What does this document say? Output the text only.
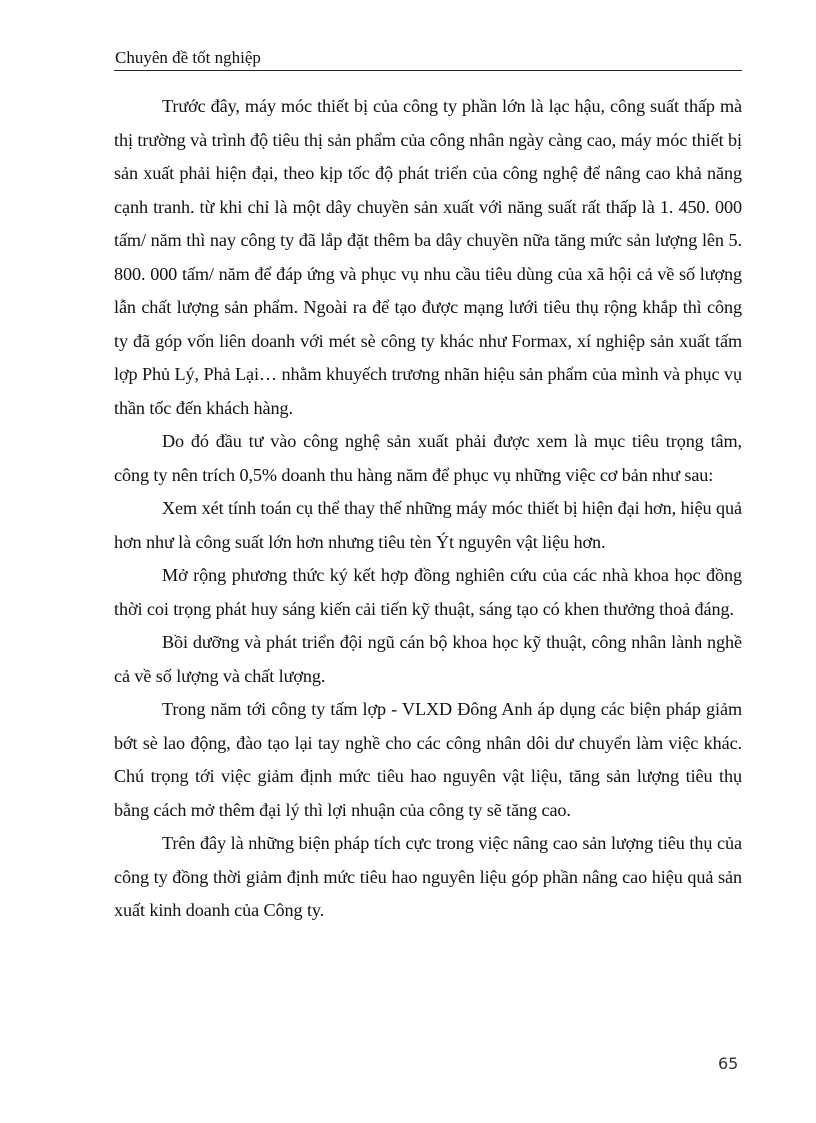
Chuyên đề tốt nghiệp

Trước đây, máy móc thiết bị của công ty phần lớn là lạc hậu, công suất thấp mà thị trường và trình độ tiêu thị sản phẩm của công nhân ngày càng cao, máy móc thiết bị sản xuất phải hiện đại, theo kịp tốc độ phát triển của công nghệ để nâng cao khả năng cạnh tranh. từ khi chỉ là một dây chuyền sản xuất với năng suất rất thấp là 1. 450. 000 tấm/ năm thì nay công ty đã lắp đặt thêm ba dây chuyền nữa tăng mức sản lượng lên 5. 800. 000 tấm/ năm để đáp ứng và phục vụ nhu cầu tiêu dùng của xã hội cả về số lượng lẫn chất lượng sản phẩm. Ngoài ra để tạo được mạng lưới tiêu thụ rộng khắp thì công ty đã góp vốn liên doanh với mét sè công ty khác như Formax, xí nghiệp sản xuất tấm lợp Phủ Lý, Phả Lại… nhằm khuyếch trương nhãn hiệu sản phẩm của mình và phục vụ thần tốc đến khách hàng.

Do đó đầu tư vào công nghệ sản xuất phải được xem là mục tiêu trọng tâm, công ty nên trích 0,5% doanh thu hàng năm để phục vụ những việc cơ bản như sau:

Xem xét tính toán cụ thể thay thế những máy móc thiết bị hiện đại hơn, hiệu quả hơn như là công suất lớn hơn nhưng tiêu tèn Ýt nguyên vật liệu hơn.

Mở rộng phương thức ký kết hợp đồng nghiên cứu của các nhà khoa học đồng thời coi trọng phát huy sáng kiến cải tiến kỹ thuật, sáng tạo có khen thưởng thoả đáng.

Bồi dưỡng và phát triển đội ngũ cán bộ khoa học kỹ thuật, công nhân lành nghề cả về số lượng và chất lượng.

Trong năm tới công ty tấm lợp - VLXD Đông Anh áp dụng các biện pháp giảm bớt sè lao động, đào tạo lại tay nghề cho các công nhân dôi dư chuyển làm việc khác. Chú trọng tới việc giảm định mức tiêu hao nguyên vật liệu, tăng sản lượng tiêu thụ bằng cách mở thêm đại lý thì lợi nhuận của công ty sẽ tăng cao.

Trên đây là những biện pháp tích cực trong việc nâng cao sản lượng tiêu thụ của công ty đồng thời giảm định mức tiêu hao nguyên liệu góp phần nâng cao hiệu quả sản xuất kinh doanh của Công ty.

65
